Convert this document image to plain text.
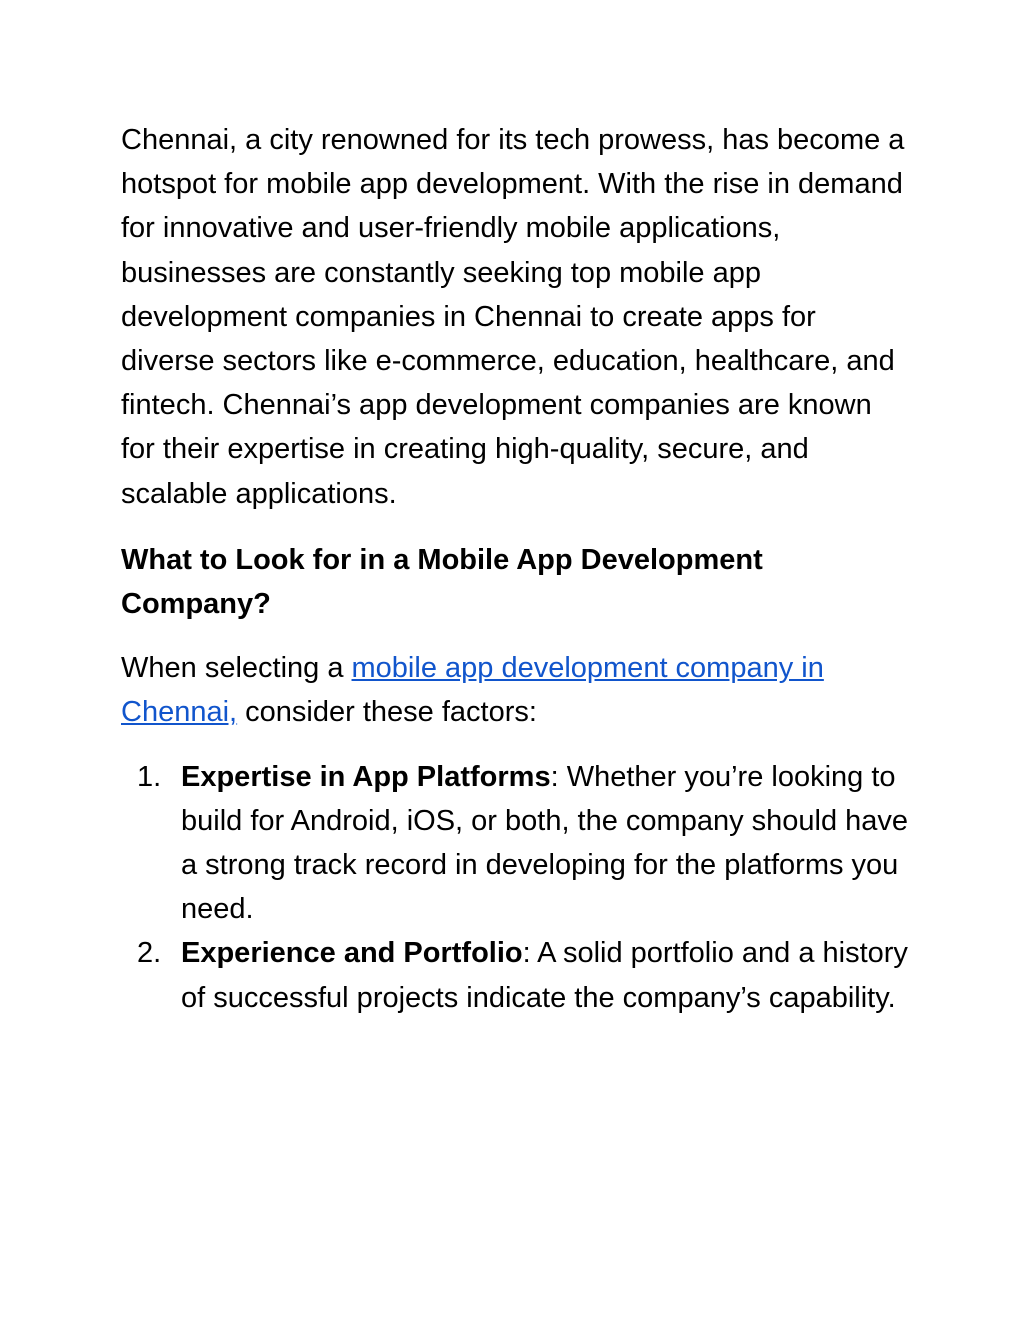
Chennai, a city renowned for its tech prowess, has become a hotspot for mobile app development. With the rise in demand for innovative and user-friendly mobile applications, businesses are constantly seeking top mobile app development companies in Chennai to create apps for diverse sectors like e-commerce, education, healthcare, and fintech. Chennai’s app development companies are known for their expertise in creating high-quality, secure, and scalable applications.

What to Look for in a Mobile App Development Company?

When selecting a mobile app development company in Chennai, consider these factors:

1. Expertise in App Platforms: Whether you’re looking to build for Android, iOS, or both, the company should have a strong track record in developing for the platforms you need.
2. Experience and Portfolio: A solid portfolio and a history of successful projects indicate the company’s capability.
